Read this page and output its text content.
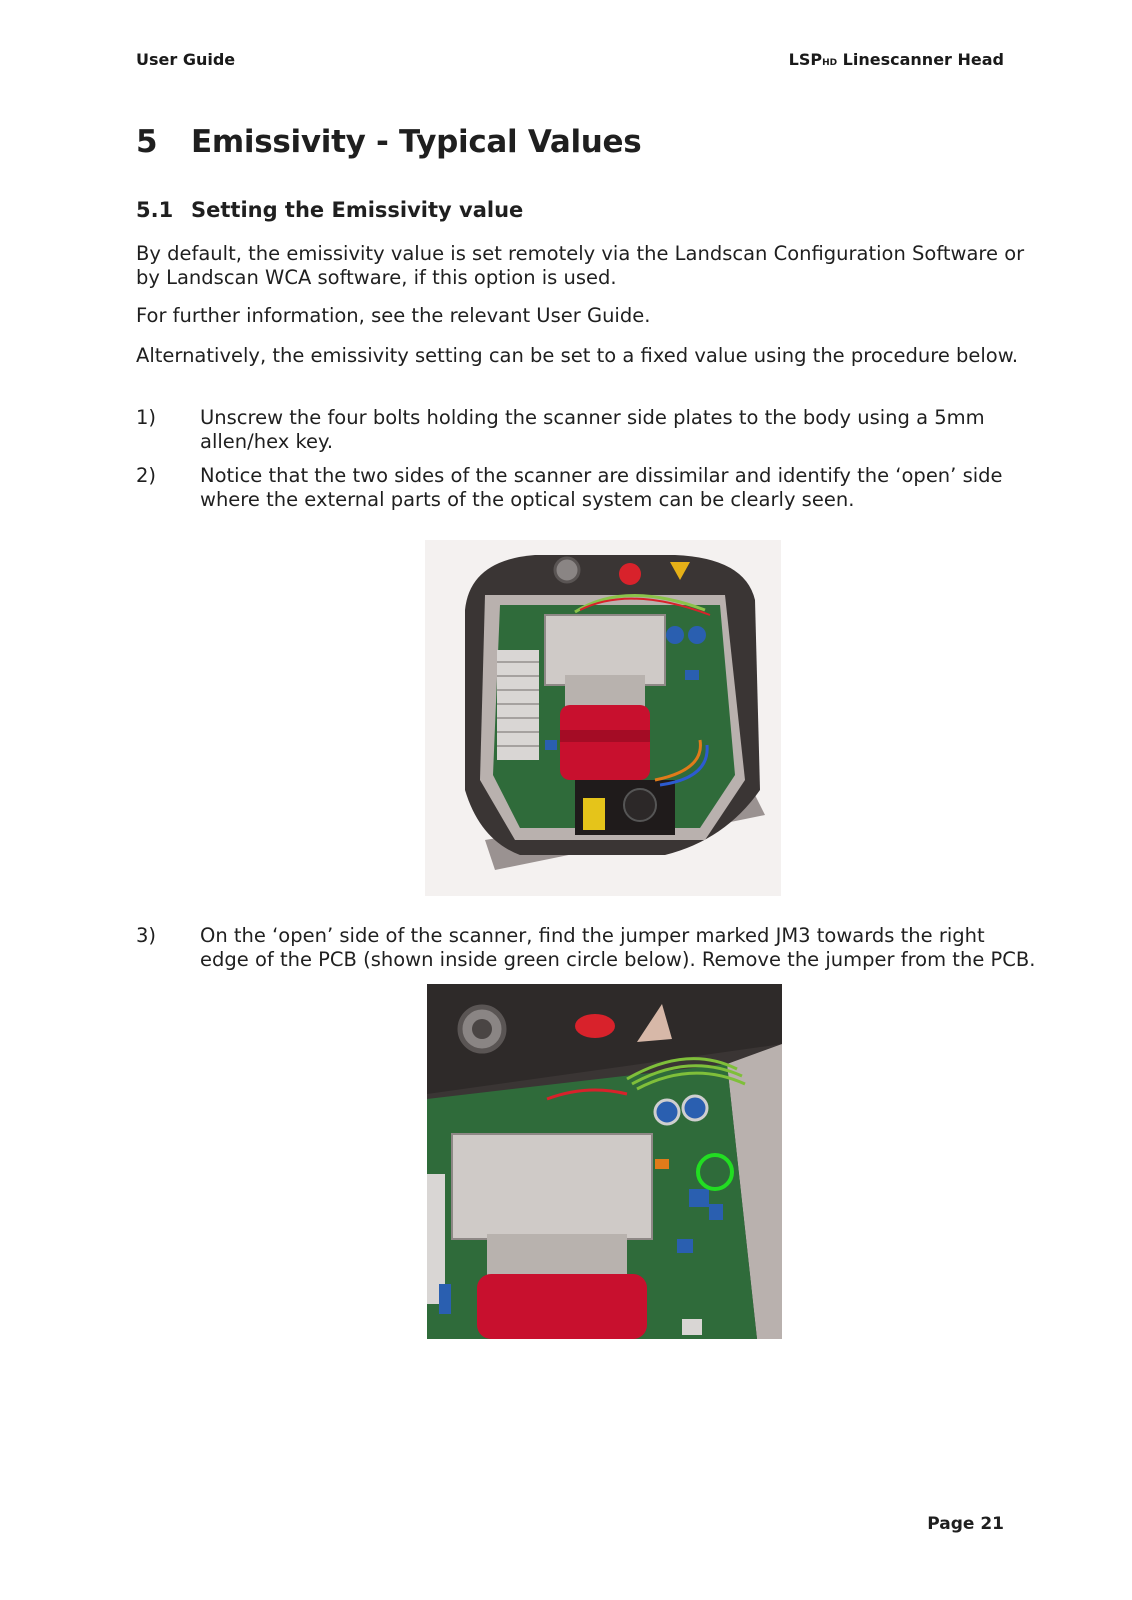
User Guide	LSPHD Linescanner Head
5 Emissivity - Typical Values
5.1 Setting the Emissivity value

By default, the emissivity value is set remotely via the Landscan Configuration Software or by Landscan WCA software, if this option is used.

For further information, see the relevant User Guide.

Alternatively, the emissivity setting can be set to a fixed value using the procedure below.

1) Unscrew the four bolts holding the scanner side plates to the body using a 5mm allen/hex key.
2) Notice that the two sides of the scanner are dissimilar and identify the ‘open’ side where the external parts of the optical system can be clearly seen.
3) On the ‘open’ side of the scanner, find the jumper marked JM3 towards the right edge of the PCB (shown inside green circle below). Remove the jumper from the PCB.
Page 21
